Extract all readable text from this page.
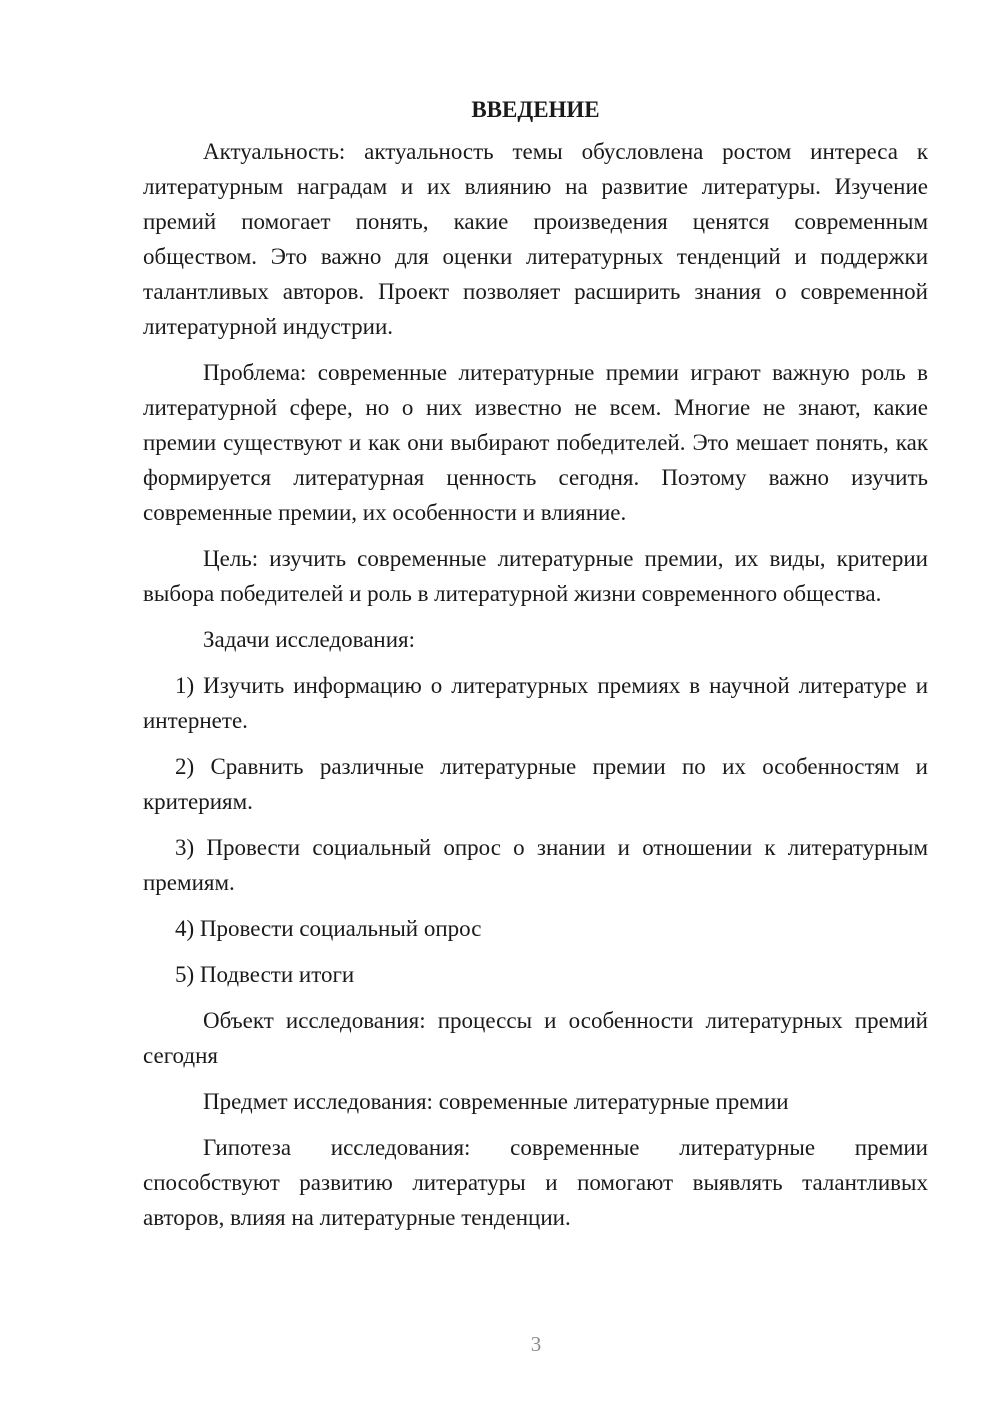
ВВЕДЕНИЕ

Актуальность: актуальность темы обусловлена ростом интереса к литературным наградам и их влиянию на развитие литературы. Изучение премий помогает понять, какие произведения ценятся современным обществом. Это важно для оценки литературных тенденций и поддержки талантливых авторов. Проект позволяет расширить знания о современной литературной индустрии.

Проблема: современные литературные премии играют важную роль в литературной сфере, но о них известно не всем. Многие не знают, какие премии существуют и как они выбирают победителей. Это мешает понять, как формируется литературная ценность сегодня. Поэтому важно изучить современные премии, их особенности и влияние.

Цель: изучить современные литературные премии, их виды, критерии выбора победителей и роль в литературной жизни современного общества.

Задачи исследования:

1) Изучить информацию о литературных премиях в научной литературе и интернете.

2) Сравнить различные литературные премии по их особенностям и критериям.

3) Провести социальный опрос о знании и отношении к литературным премиям.

4) Провести социальный опрос

5) Подвести итоги

Объект исследования: процессы и особенности литературных премий сегодня

Предмет исследования: современные литературные премии

Гипотеза исследования: современные литературные премии способствуют развитию литературы и помогают выявлять талантливых авторов, влияя на литературные тенденции.

3
